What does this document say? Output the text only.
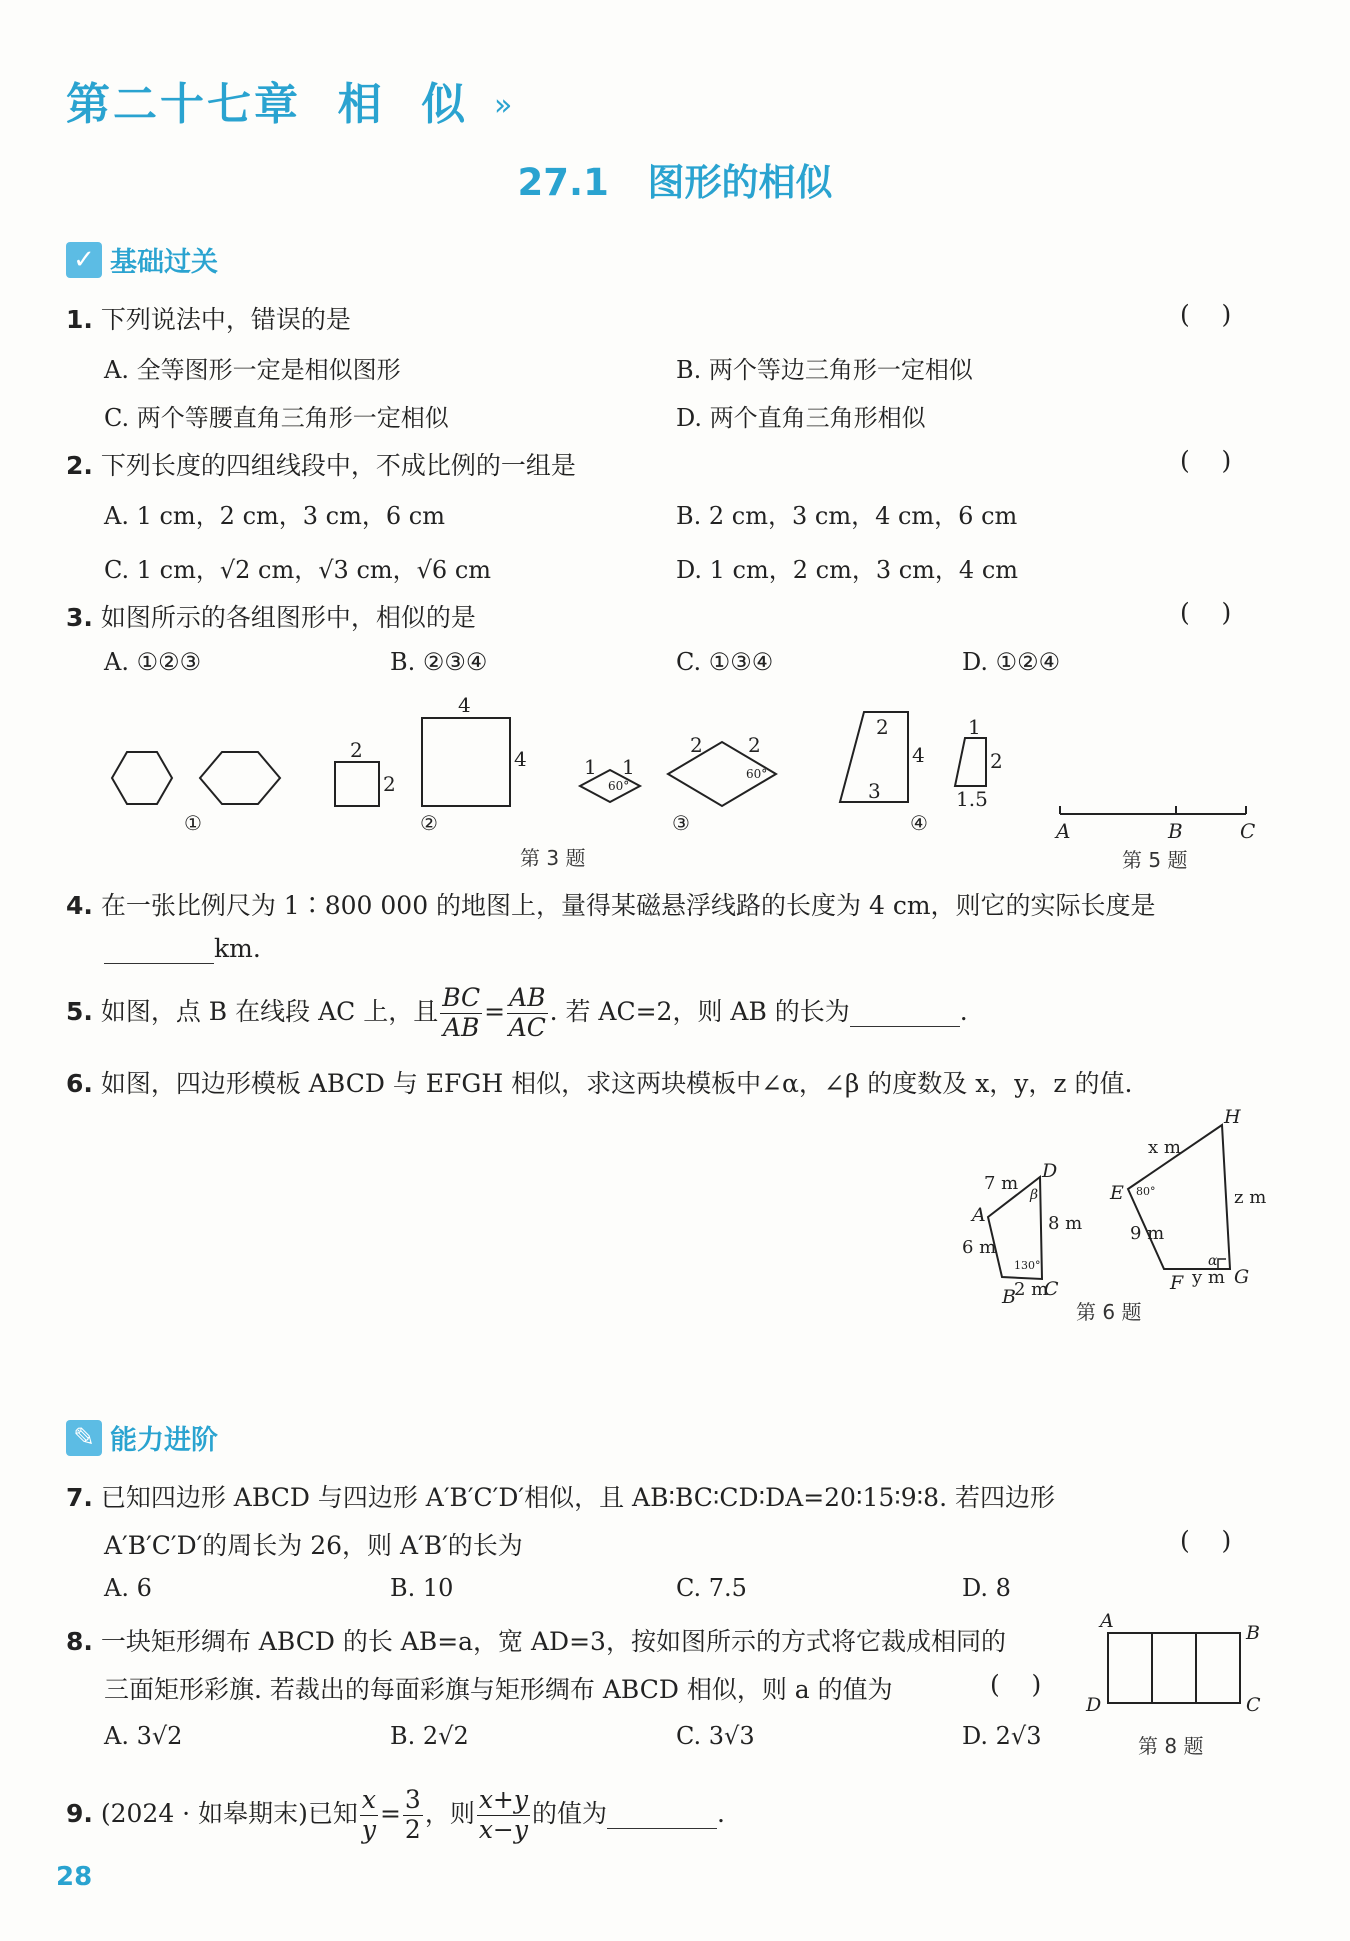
第二十七章  相  似 »
27.1   图形的相似
✓ 基础过关
1. 下列说法中，错误的是	(    )
A. 全等图形一定是相似图形	B. 两个等边三角形一定相似
C. 两个等腰直角三角形一定相似	D. 两个直角三角形相似
2. 下列长度的四组线段中，不成比例的一组是	(    )
A. 1 cm，2 cm，3 cm，6 cm	B. 2 cm，3 cm，4 cm，6 cm
C. 1 cm，√2 cm，√3 cm，√6 cm	D. 1 cm，2 cm，3 cm，4 cm
3. 如图所示的各组图形中，相似的是	(    )
A. ①②③	B. ②③④	C. ①③④	D. ①②④
2
2
4
4	1 1
60°
2 2
60°
2
4
3
1
2
1.5
①	②	③	④	A	B	C
第 3 题	第 5 题
4. 在一张比例尺为 1∶800 000 的地图上，量得某磁悬浮线路的长度为 4 cm，则它的实际长度是
km.
5. 如图，点 B 在线段 AC 上，且 $\frac{BC}{AB} = \frac{AB}{AC}$ . 若 AC=2，则 AB 的长为	.
6. 如图，四边形模板 ABCD 与 EFGH 相似，求这两块模板中∠α，∠β 的度数及 x，y，z 的值.
A
B C
D
E
F	G
H
7 m
6 m
2 m
8 m
x m
9 m
y m
z m
β
130°
80°
α
第 6 题
✎ 能力进阶
7. 已知四边形 ABCD 与四边形 A′B′C′D′相似，且 AB∶BC∶CD∶DA=20∶15∶9∶8. 若四边形
A′B′C′D′的周长为 26，则 A′B′的长为	(    )
A. 6	B. 10	C. 7.5	D. 8
8. 一块矩形绸布 ABCD 的长 AB=a，宽 AD=3，按如图所示的方式将它裁成相同的
三面矩形彩旗. 若裁出的每面彩旗与矩形绸布 ABCD 相似，则 a 的值为	(    )
A. 3√2	B. 2√2	C. 3√3	D. 2√3
A
B
C
D
第 8 题
9. (2024 · 如皋期末)已知 $\frac{x}{y} = \frac{3}{2}$ ，则 $\frac{x+y}{x-y}$ 的值为	.
28
